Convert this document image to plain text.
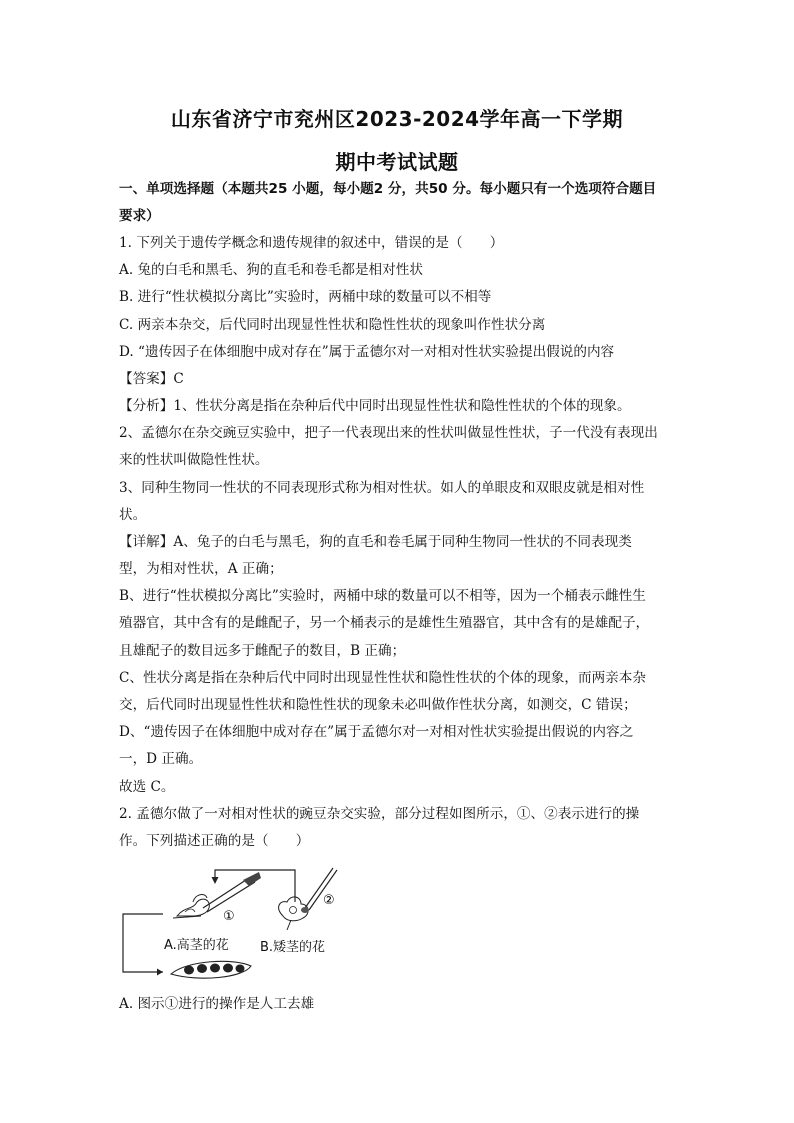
山东省济宁市兖州区2023-2024学年高一下学期
期中考试试题
一、单项选择题（本题共25 小题，每小题2 分，共50 分。每小题只有一个选项符合题目
要求）
1. 下列关于遗传学概念和遗传规律的叙述中，错误的是（　　）
A. 兔的白毛和黑毛、狗的直毛和卷毛都是相对性状
B. 进行“性状模拟分离比”实验时，两桶中球的数量可以不相等
C. 两亲本杂交，后代同时出现显性性状和隐性性状的现象叫作性状分离
D. “遗传因子在体细胞中成对存在”属于孟德尔对一对相对性状实验提出假说的内容
【答案】C
【分析】1、性状分离是指在杂种后代中同时出现显性性状和隐性性状的个体的现象。
2、孟德尔在杂交豌豆实验中，把子一代表现出来的性状叫做显性性状，子一代没有表现出
来的性状叫做隐性性状。
3、同种生物同一性状的不同表现形式称为相对性状。如人的单眼皮和双眼皮就是相对性
状。
【详解】A、兔子的白毛与黑毛，狗的直毛和卷毛属于同种生物同一性状的不同表现类
型，为相对性状，A 正确；
B、进行“性状模拟分离比”实验时，两桶中球的数量可以不相等，因为一个桶表示雌性生
殖器官，其中含有的是雌配子，另一个桶表示的是雄性生殖器官，其中含有的是雄配子，
且雄配子的数目远多于雌配子的数目，B 正确；
C、性状分离是指在杂种后代中同时出现显性性状和隐性性状的个体的现象，而两亲本杂
交，后代同时出现显性性状和隐性性状的现象未必叫做作性状分离，如测交，C 错误；
D、“遗传因子在体细胞中成对存在”属于孟德尔对一对相对性状实验提出假说的内容之
一，D 正确。
故选 C。
2. 孟德尔做了一对相对性状的豌豆杂交实验，部分过程如图所示，①、②表示进行的操
作。下列描述正确的是（　　）
①
②
A.高茎的花 B.矮茎的花
A. 图示①进行的操作是人工去雄
